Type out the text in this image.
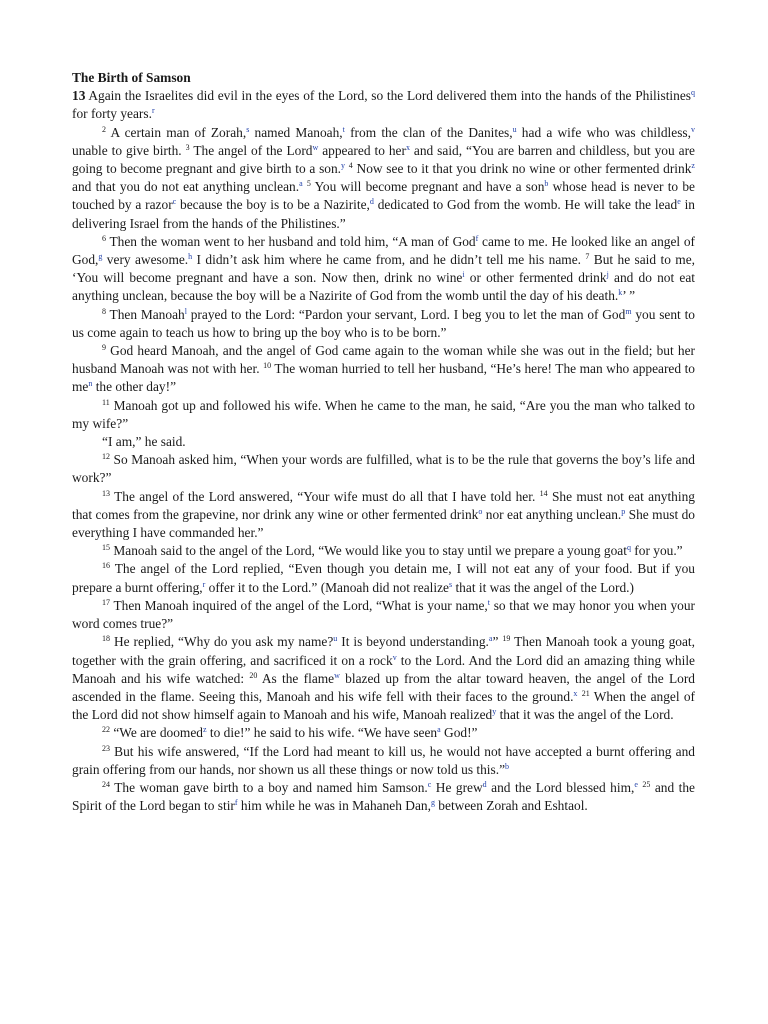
The Birth of Samson

13 Again the Israelites did evil in the eyes of the Lord, so the Lord delivered them into the hands of the Philistines$^q$ for forty years.$^r$

$^2$ A certain man of Zorah,$^s$ named Manoah,$^t$ from the clan of the Danites,$^u$ had a wife who was childless,$^v$ unable to give birth. $^3$ The angel of the Lord$^w$ appeared to her$^x$ and said, “You are barren and childless, but you are going to become pregnant and give birth to a son.$^y$ $^4$ Now see to it that you drink no wine or other fermented drink$^z$ and that you do not eat anything unclean.$^a$ $^5$ You will become pregnant and have a son$^b$ whose head is never to be touched by a razor$^c$ because the boy is to be a Nazirite,$^d$ dedicated to God from the womb. He will take the lead$^e$ in delivering Israel from the hands of the Philistines.”

$^6$ Then the woman went to her husband and told him, “A man of God$^f$ came to me. He looked like an angel of God,$^g$ very awesome.$^h$ I didn’t ask him where he came from, and he didn’t tell me his name. $^7$ But he said to me, ‘You will become pregnant and have a son. Now then, drink no wine$^i$ or other fermented drink$^j$ and do not eat anything unclean, because the boy will be a Nazirite of God from the womb until the day of his death.$^k$’ ”

$^8$ Then Manoah$^l$ prayed to the Lord: “Pardon your servant, Lord. I beg you to let the man of God$^m$ you sent to us come again to teach us how to bring up the boy who is to be born.”

$^9$ God heard Manoah, and the angel of God came again to the woman while she was out in the field; but her husband Manoah was not with her. $^{10}$ The woman hurried to tell her husband, “He’s here! The man who appeared to me$^n$ the other day!”

$^{11}$ Manoah got up and followed his wife. When he came to the man, he said, “Are you the man who talked to my wife?”

“I am,” he said.

$^{12}$ So Manoah asked him, “When your words are fulfilled, what is to be the rule that governs the boy’s life and work?”

$^{13}$ The angel of the Lord answered, “Your wife must do all that I have told her. $^{14}$ She must not eat anything that comes from the grapevine, nor drink any wine or other fermented drink$^o$ nor eat anything unclean.$^p$ She must do everything I have commanded her.”

$^{15}$ Manoah said to the angel of the Lord, “We would like you to stay until we prepare a young goat$^q$ for you.”

$^{16}$ The angel of the Lord replied, “Even though you detain me, I will not eat any of your food. But if you prepare a burnt offering,$^r$ offer it to the Lord.” (Manoah did not realize$^s$ that it was the angel of the Lord.)

$^{17}$ Then Manoah inquired of the angel of the Lord, “What is your name,$^t$ so that we may honor you when your word comes true?”

$^{18}$ He replied, “Why do you ask my name?$^u$ It is beyond understanding.$^a$” $^{19}$ Then Manoah took a young goat, together with the grain offering, and sacrificed it on a rock$^v$ to the Lord. And the Lord did an amazing thing while Manoah and his wife watched: $^{20}$ As the flame$^w$ blazed up from the altar toward heaven, the angel of the Lord ascended in the flame. Seeing this, Manoah and his wife fell with their faces to the ground.$^x$ $^{21}$ When the angel of the Lord did not show himself again to Manoah and his wife, Manoah realized$^y$ that it was the angel of the Lord.

$^{22}$ “We are doomed$^z$ to die!” he said to his wife. “We have seen$^a$ God!”

$^{23}$ But his wife answered, “If the Lord had meant to kill us, he would not have accepted a burnt offering and grain offering from our hands, nor shown us all these things or now told us this.”$^b$

$^{24}$ The woman gave birth to a boy and named him Samson.$^c$ He grew$^d$ and the Lord blessed him,$^e$ $^{25}$ and the Spirit of the Lord began to stir$^f$ him while he was in Mahaneh Dan,$^g$ between Zorah and Eshtaol.
